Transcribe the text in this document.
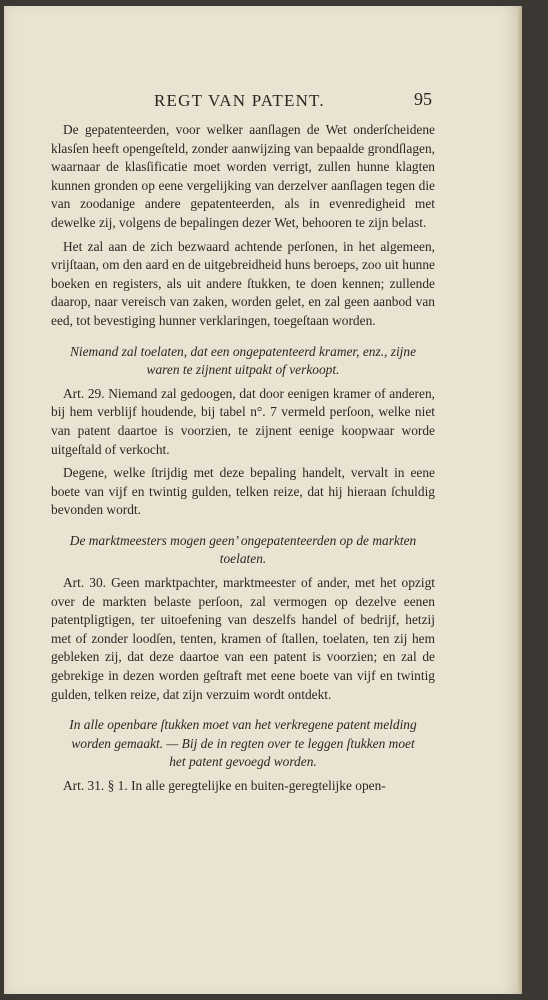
REGT VAN PATENT.	95

De gepatenteerden, voor welker aanſlagen de Wet onderſcheidene klasſen heeft opengeſteld, zonder aanwijzing van bepaalde grondſlagen, waarnaar de klasſificatie moet worden verrigt, zullen hunne klagten kunnen gronden op eene vergelijking van derzelver aanſlagen tegen die van zoodanige andere gepatenteerden, als in evenredigheid met dewelke zij, volgens de bepalingen dezer Wet, behooren te zijn belast.

Het zal aan de zich bezwaard achtende perſonen, in het algemeen, vrijſtaan, om den aard en de uitgebreidheid huns beroeps, zoo uit hunne boeken en registers, als uit andere ſtukken, te doen kennen; zullende daarop, naar vereisch van zaken, worden gelet, en zal geen aanbod van eed, tot bevestiging hunner verklaringen, toegeſtaan worden.

Niemand zal toelaten, dat een ongepatenteerd kramer, enz., zijne waren te zijnent uitpakt of verkoopt.

Art. 29. Niemand zal gedoogen, dat door eenigen kramer of anderen, bij hem verblijf houdende, bij tabel n°. 7 vermeld perſoon, welke niet van patent daartoe is voorzien, te zijnent eenige koopwaar worde uitgeſtald of verkocht.

Degene, welke ſtrijdig met deze bepaling handelt, vervalt in eene boete van vijf en twintig gulden, telken reize, dat hij hieraan ſchuldig bevonden wordt.

De marktmeesters mogen geen’ ongepatenteerden op de markten toelaten.

Art. 30. Geen marktpachter, marktmeester of ander, met het opzigt over de markten belaste perſoon, zal vermogen op dezelve eenen patentpligtigen, ter uitoefening van deszelfs handel of bedrijf, hetzij met of zonder loodſen, tenten, kramen of ſtallen, toelaten, ten zij hem gebleken zij, dat deze daartoe van een patent is voorzien; en zal de gebrekige in dezen worden geſtraft met eene boete van vijf en twintig gulden, telken reize, dat zijn verzuim wordt ontdekt.

In alle openbare ſtukken moet van het verkregene patent melding worden gemaakt. — Bij de in regten over te leggen ſtukken moet het patent gevoegd worden.

Art. 31. § 1. In alle geregtelijke en buiten-geregtelijke open-
